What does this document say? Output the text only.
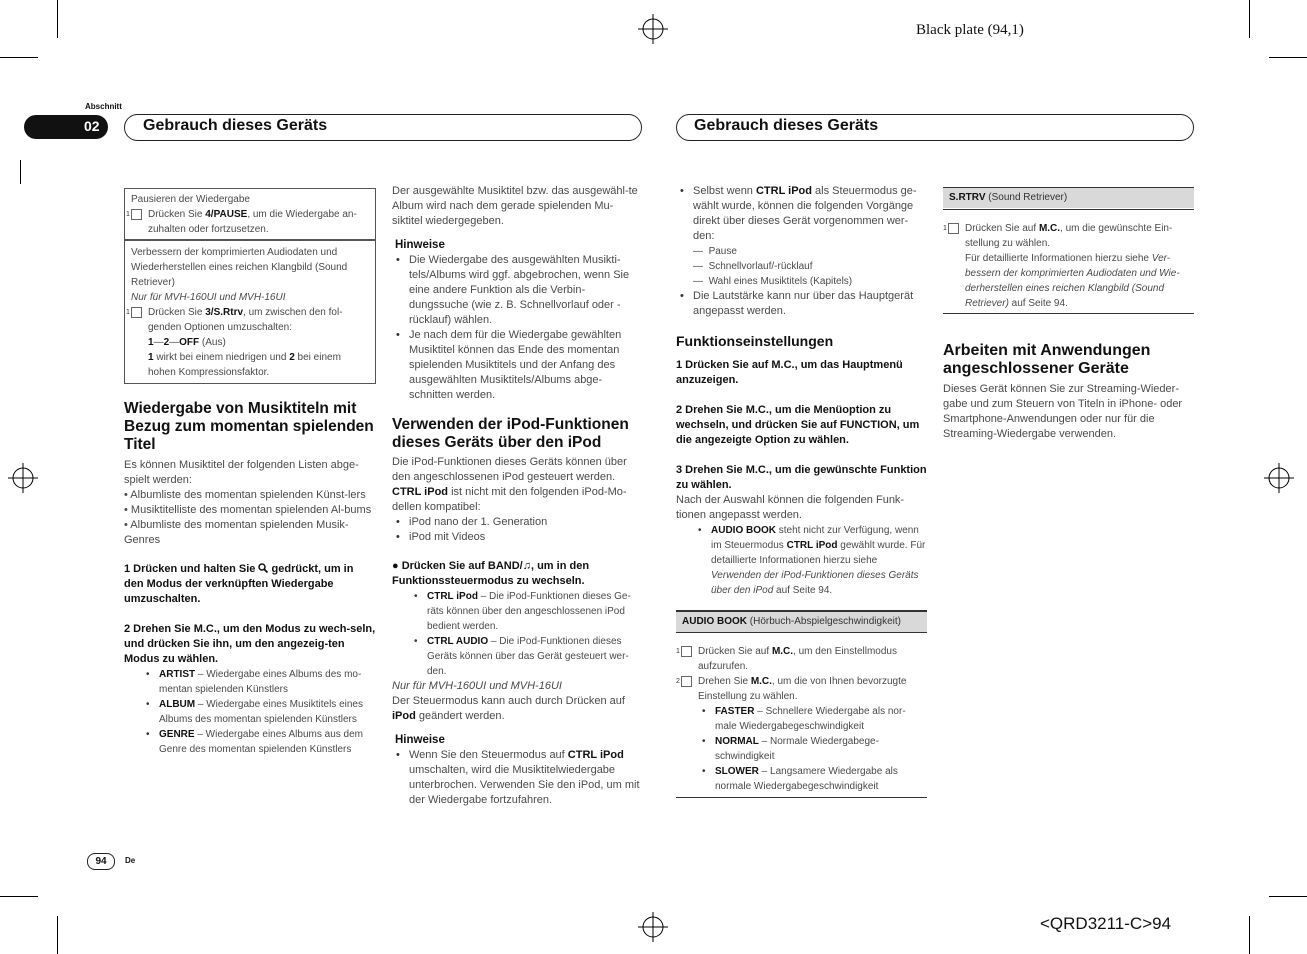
Black plate (94,1)
<QRD3211-C>94
Abschnitt
02	Gebrauch dieses Geräts	Gebrauch dieses Geräts
94	De
Pausieren der Wiedergabe
1 Drücken Sie 4/PAUSE, um die Wiedergabe an-zuhalten oder fortzusetzen.
Verbessern der komprimierten Audiodaten und Wiederherstellen eines reichen Klangbild (Sound Retriever)
Nur für MVH-160UI und MVH-16UI
1 Drücken Sie 3/S.Rtrv, um zwischen den fol-genden Optionen umzuschalten:
1—2—OFF (Aus)
1 wirkt bei einem niedrigen und 2 bei einem hohen Kompressionsfaktor.
Wiedergabe von Musiktiteln mit Bezug zum momentan spielenden Titel
Es können Musiktitel der folgenden Listen abge-spielt werden:
• Albumliste des momentan spielenden Künst-lers
• Musiktitelliste des momentan spielenden Al-bums
• Albumliste des momentan spielenden Musik-Genres
1 Drücken und halten Sie  gedrückt, um in den Modus der verknüpften Wiedergabe umzuschalten.
2 Drehen Sie M.C., um den Modus zu wech-seln, und drücken Sie ihn, um den angezeig-ten Modus zu wählen.
• ARTIST – Wiedergabe eines Albums des mo-mentan spielenden Künstlers
• ALBUM – Wiedergabe eines Musiktitels eines Albums des momentan spielenden Künstlers
• GENRE – Wiedergabe eines Albums aus dem Genre des momentan spielenden Künstlers
Der ausgewählte Musiktitel bzw. das ausgewähl-te Album wird nach dem gerade spielenden Mu-siktitel wiedergegeben.
Hinweise
• Die Wiedergabe des ausgewählten Musikti-tels/Albums wird ggf. abgebrochen, wenn Sie eine andere Funktion als die Verbin-dungssuche (wie z. B. Schnellvorlauf oder -rücklauf) wählen.
• Je nach dem für die Wiedergabe gewählten Musiktitel können das Ende des momentan spielenden Musiktitels und der Anfang des ausgewählten Musiktitels/Albums abge-schnitten werden.
Verwenden der iPod-Funktionen dieses Geräts über den iPod
Die iPod-Funktionen dieses Geräts können über den angeschlossenen iPod gesteuert werden.
CTRL iPod ist nicht mit den folgenden iPod-Mo-dellen kompatibel:
• iPod nano der 1. Generation
• iPod mit Videos
● Drücken Sie auf BAND/♫, um in den Funktionssteuermodus zu wechseln.
• CTRL iPod – Die iPod-Funktionen dieses Ge-räts können über den angeschlossenen iPod bedient werden.
• CTRL AUDIO – Die iPod-Funktionen dieses Geräts können über das Gerät gesteuert wer-den.
Nur für MVH-160UI und MVH-16UI
Der Steuermodus kann auch durch Drücken auf iPod geändert werden.
Hinweise
• Wenn Sie den Steuermodus auf CTRL iPod umschalten, wird die Musiktitelwiedergabe unterbrochen. Verwenden Sie den iPod, um mit der Wiedergabe fortzufahren.
• Selbst wenn CTRL iPod als Steuermodus ge-wählt wurde, können die folgenden Vorgänge direkt über dieses Gerät vorgenommen wer-den:
—  Pause
—  Schnellvorlauf/-rücklauf
—  Wahl eines Musiktitels (Kapitels)
• Die Lautstärke kann nur über das Hauptgerät angepasst werden.
Funktionseinstellungen
1 Drücken Sie auf M.C., um das Hauptmenü anzuzeigen.
2 Drehen Sie M.C., um die Menüoption zu wechseln, und drücken Sie auf FUNCTION, um die angezeigte Option zu wählen.
3 Drehen Sie M.C., um die gewünschte Funktion zu wählen.
Nach der Auswahl können die folgenden Funk-tionen angepasst werden.
• AUDIO BOOK steht nicht zur Verfügung, wenn im Steuermodus CTRL iPod gewählt wurde. Für detaillierte Informationen hierzu siehe Verwenden der iPod-Funktionen dieses Geräts über den iPod auf Seite 94.
AUDIO BOOK (Hörbuch-Abspielgeschwindigkeit)
1 Drücken Sie auf M.C., um den Einstellmodus aufzurufen.
2 Drehen Sie M.C., um die von Ihnen bevorzugte Einstellung zu wählen.
• FASTER – Schnellere Wiedergabe als nor-male Wiedergabegeschwindigkeit
• NORMAL – Normale Wiedergabege-schwindigkeit
• SLOWER – Langsamere Wiedergabe als normale Wiedergabegeschwindigkeit
S.RTRV (Sound Retriever)
1 Drücken Sie auf M.C., um die gewünschte Ein-stellung zu wählen.
Für detaillierte Informationen hierzu siehe Ver-bessern der komprimierten Audiodaten und Wie-derherstellen eines reichen Klangbild (Sound Retriever) auf Seite 94.
Arbeiten mit Anwendungen angeschlossener Geräte
Dieses Gerät können Sie zur Streaming-Wieder-gabe und zum Steuern von Titeln in iPhone- oder Smartphone-Anwendungen oder nur für die Streaming-Wiedergabe verwenden.
